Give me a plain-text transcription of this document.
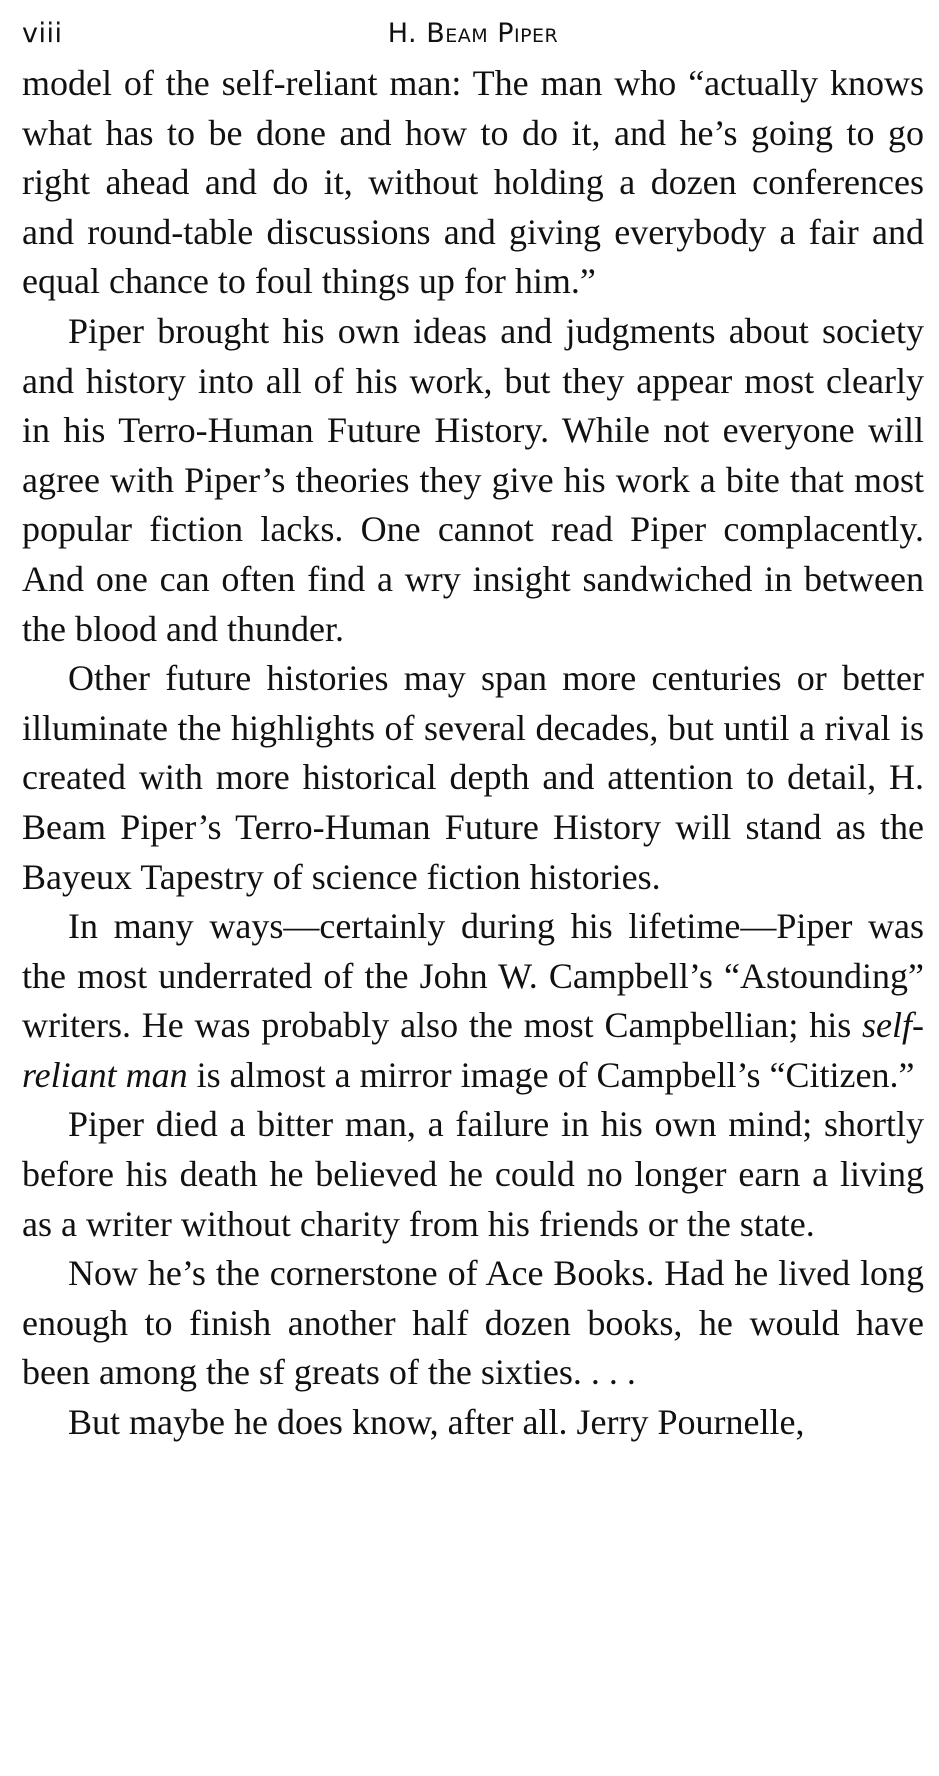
viii	H. Beam Piper

model of the self-reliant man: The man who “actually knows what has to be done and how to do it, and he’s going to go right ahead and do it, without holding a dozen conferences and round-table discussions and giving everybody a fair and equal chance to foul things up for him.”

Piper brought his own ideas and judgments about society and history into all of his work, but they appear most clearly in his Terro-Human Future History. While not everyone will agree with Piper’s theories they give his work a bite that most popular fiction lacks. One cannot read Piper complacently. And one can often find a wry insight sandwiched in between the blood and thunder.

Other future histories may span more centuries or better illuminate the highlights of several decades, but until a rival is created with more historical depth and attention to detail, H. Beam Piper’s Terro-Human Future History will stand as the Bayeux Tapestry of science fiction histories.

In many ways—certainly during his lifetime—Piper was the most underrated of the John W. Campbell’s “Astounding” writers. He was probably also the most Campbellian; his self-reliant man is almost a mirror image of Campbell’s “Citizen.”

Piper died a bitter man, a failure in his own mind; shortly before his death he believed he could no longer earn a living as a writer without charity from his friends or the state.

Now he’s the cornerstone of Ace Books. Had he lived long enough to finish another half dozen books, he would have been among the sf greats of the sixties. . . .

But maybe he does know, after all. Jerry Pournelle,
